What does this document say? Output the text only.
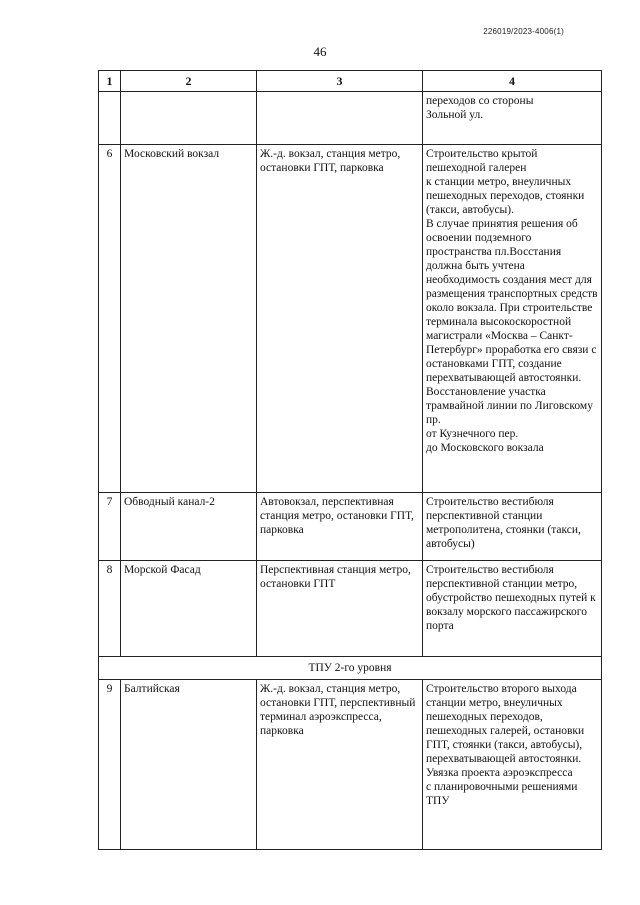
226019/2023-4006(1)
46
1	2	3	4
			переходов со стороны
Зольной ул.
6	Московский вокзал	Ж.-д. вокзал, станция метро, остановки ГПТ, парковка	Строительство крытой пешеходной галерен
к станции метро, внеуличных пешеходных переходов, стоянки (такси, автобусы).
В случае принятия решения об освоении подземного пространства пл.Восстания должна быть учтена необходимость создания мест для размещения транспортных средств около вокзала. При строительстве терминала высокоскоростной магистрали «Москва – Санкт-Петербург» проработка его связи с остановками ГПТ, создание перехватывающей автостоянки. Восстановление участка трамвайной линии по Лиговскому пр.
от Кузнечного пер.
до Московского вокзала
7	Обводный канал-2	Автовокзал, перспективная станция метро, остановки ГПТ, парковка	Строительство вестибюля перспективной станции метрополитена, стоянки (такси, автобусы)
8	Морской Фасад	Перспективная станция метро, остановки ГПТ	Строительство вестибюля перспективной станции метро, обустройство пешеходных путей к вокзалу морского пассажирского порта
ТПУ 2-го уровня			
9	Балтийская	Ж.-д. вокзал, станция метро, остановки ГПТ, перспективный терминал аэроэкспресса, парковка	Строительство второго выхода станции метро, внеуличных пешеходных переходов, пешеходных галерей, остановки ГПТ, стоянки (такси, автобусы), перехватывающей автостоянки. Увязка проекта аэроэкспресса
с планировочными решениями ТПУ
